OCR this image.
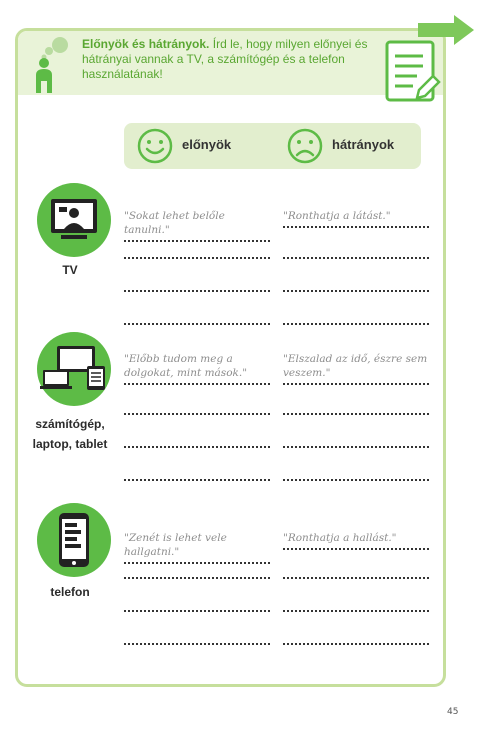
Előnyök és hátrányok. Írd le, hogy milyen előnyei és hátrányai vannak a TV, a számítógép és a telefon használatának!
előnyök	hátrányok
TV
"Sokat lehet belőle tanulni."
"Ronthatja a látást."
számítógép, laptop, tablet
"Előbb tudom meg a dolgokat, mint mások."
"Elszalad az idő, észre sem veszem."
telefon
"Zenét is lehet vele hallgatni."
"Ronthatja a hallást."
45
